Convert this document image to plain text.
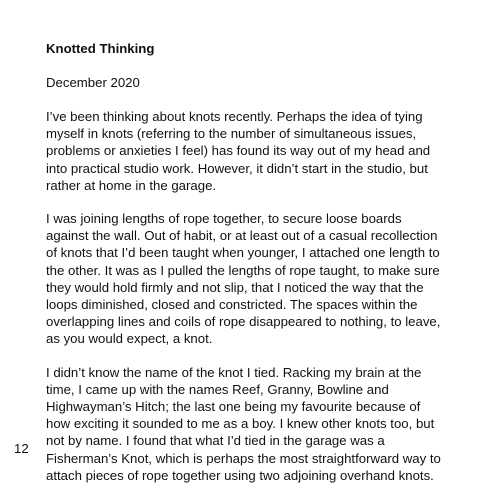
Knotted Thinking

December 2020

I’ve been thinking about knots recently. Perhaps the idea of tying myself in knots (referring to the number of simultaneous issues, problems or anxieties I feel) has found its way out of my head and into practical studio work. However, it didn’t start in the studio, but rather at home in the garage.

I was joining lengths of rope together, to secure loose boards against the wall. Out of habit, or at least out of a casual recollection of knots that I’d been taught when younger, I attached one length to the other. It was as I pulled the lengths of rope taught, to make sure they would hold firmly and not slip, that I noticed the way that the loops diminished, closed and constricted. The spaces within the overlapping lines and coils of rope disappeared to nothing, to leave, as you would expect, a knot.

I didn’t know the name of the knot I tied. Racking my brain at the time, I came up with the names Reef, Granny, Bowline and Highwayman’s Hitch; the last one being my favourite because of how exciting it sounded to me as a boy. I knew other knots too, but not by name. I found that what I’d tied in the garage was a Fisherman’s Knot, which is perhaps the most straightforward way to attach pieces of rope together using two adjoining overhand knots.

12
